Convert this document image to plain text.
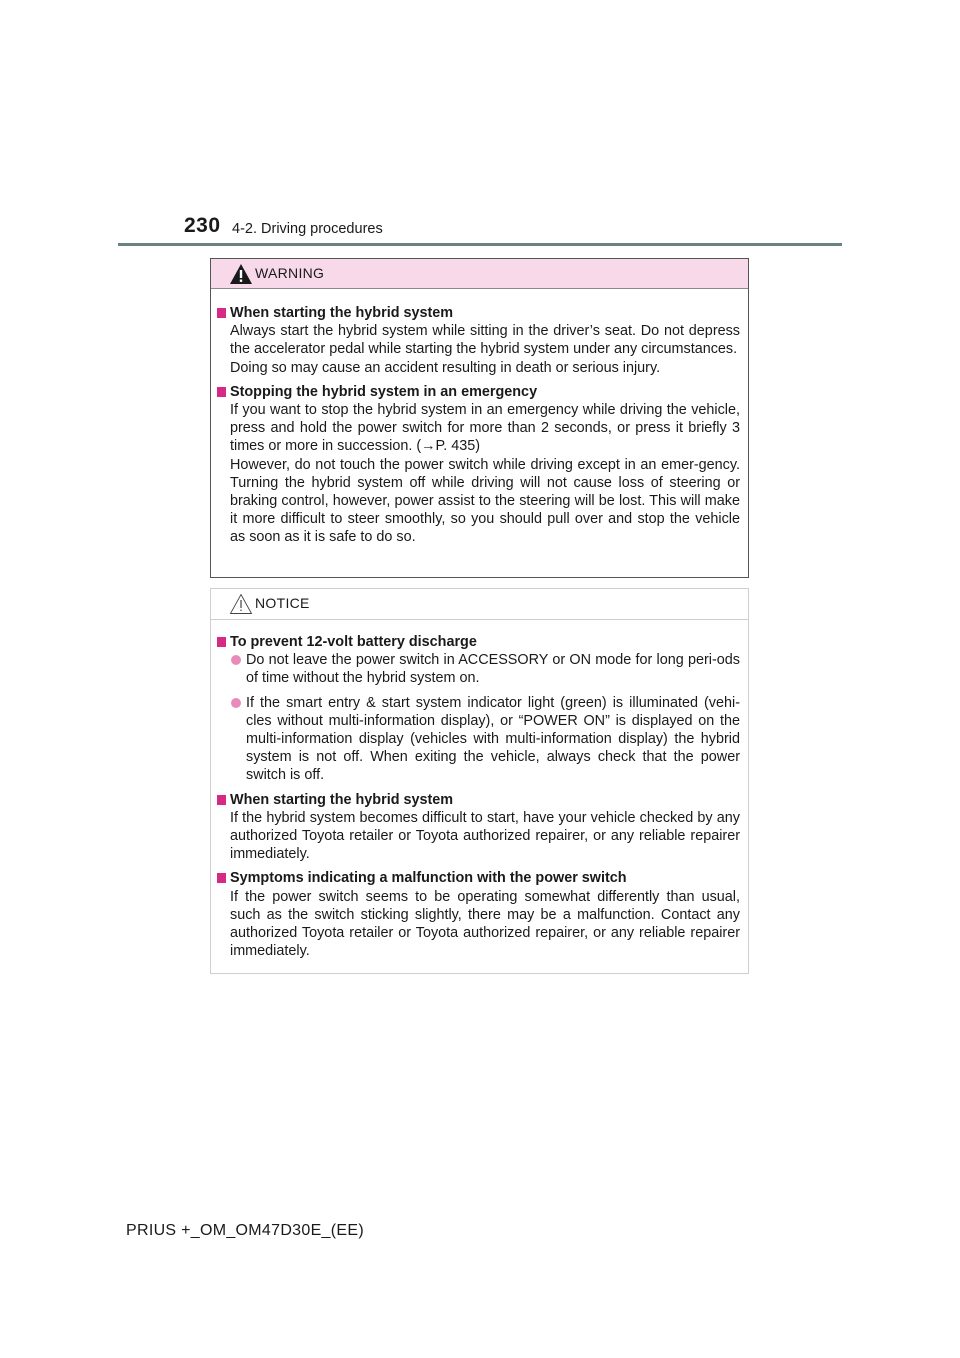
230 4-2. Driving procedures
WARNING
When starting the hybrid system
Always start the hybrid system while sitting in the driver’s seat. Do not depress the accelerator pedal while starting the hybrid system under any circumstances.
Doing so may cause an accident resulting in death or serious injury.
Stopping the hybrid system in an emergency
If you want to stop the hybrid system in an emergency while driving the vehicle, press and hold the power switch for more than 2 seconds, or press it briefly 3 times or more in succession. (→P. 435)
However, do not touch the power switch while driving except in an emer-gency. Turning the hybrid system off while driving will not cause loss of steering or braking control, however, power assist to the steering will be lost. This will make it more difficult to steer smoothly, so you should pull over and stop the vehicle as soon as it is safe to do so.
NOTICE
To prevent 12-volt battery discharge
Do not leave the power switch in ACCESSORY or ON mode for long peri-ods of time without the hybrid system on.
If the smart entry & start system indicator light (green) is illuminated (vehi-cles without multi-information display), or “POWER ON” is displayed on the multi-information display (vehicles with multi-information display) the hybrid system is not off. When exiting the vehicle, always check that the power switch is off.
When starting the hybrid system
If the hybrid system becomes difficult to start, have your vehicle checked by any authorized Toyota retailer or Toyota authorized repairer, or any reliable repairer immediately.
Symptoms indicating a malfunction with the power switch
If the power switch seems to be operating somewhat differently than usual, such as the switch sticking slightly, there may be a malfunction. Contact any authorized Toyota retailer or Toyota authorized repairer, or any reliable repairer immediately.
PRIUS +_OM_OM47D30E_(EE)
